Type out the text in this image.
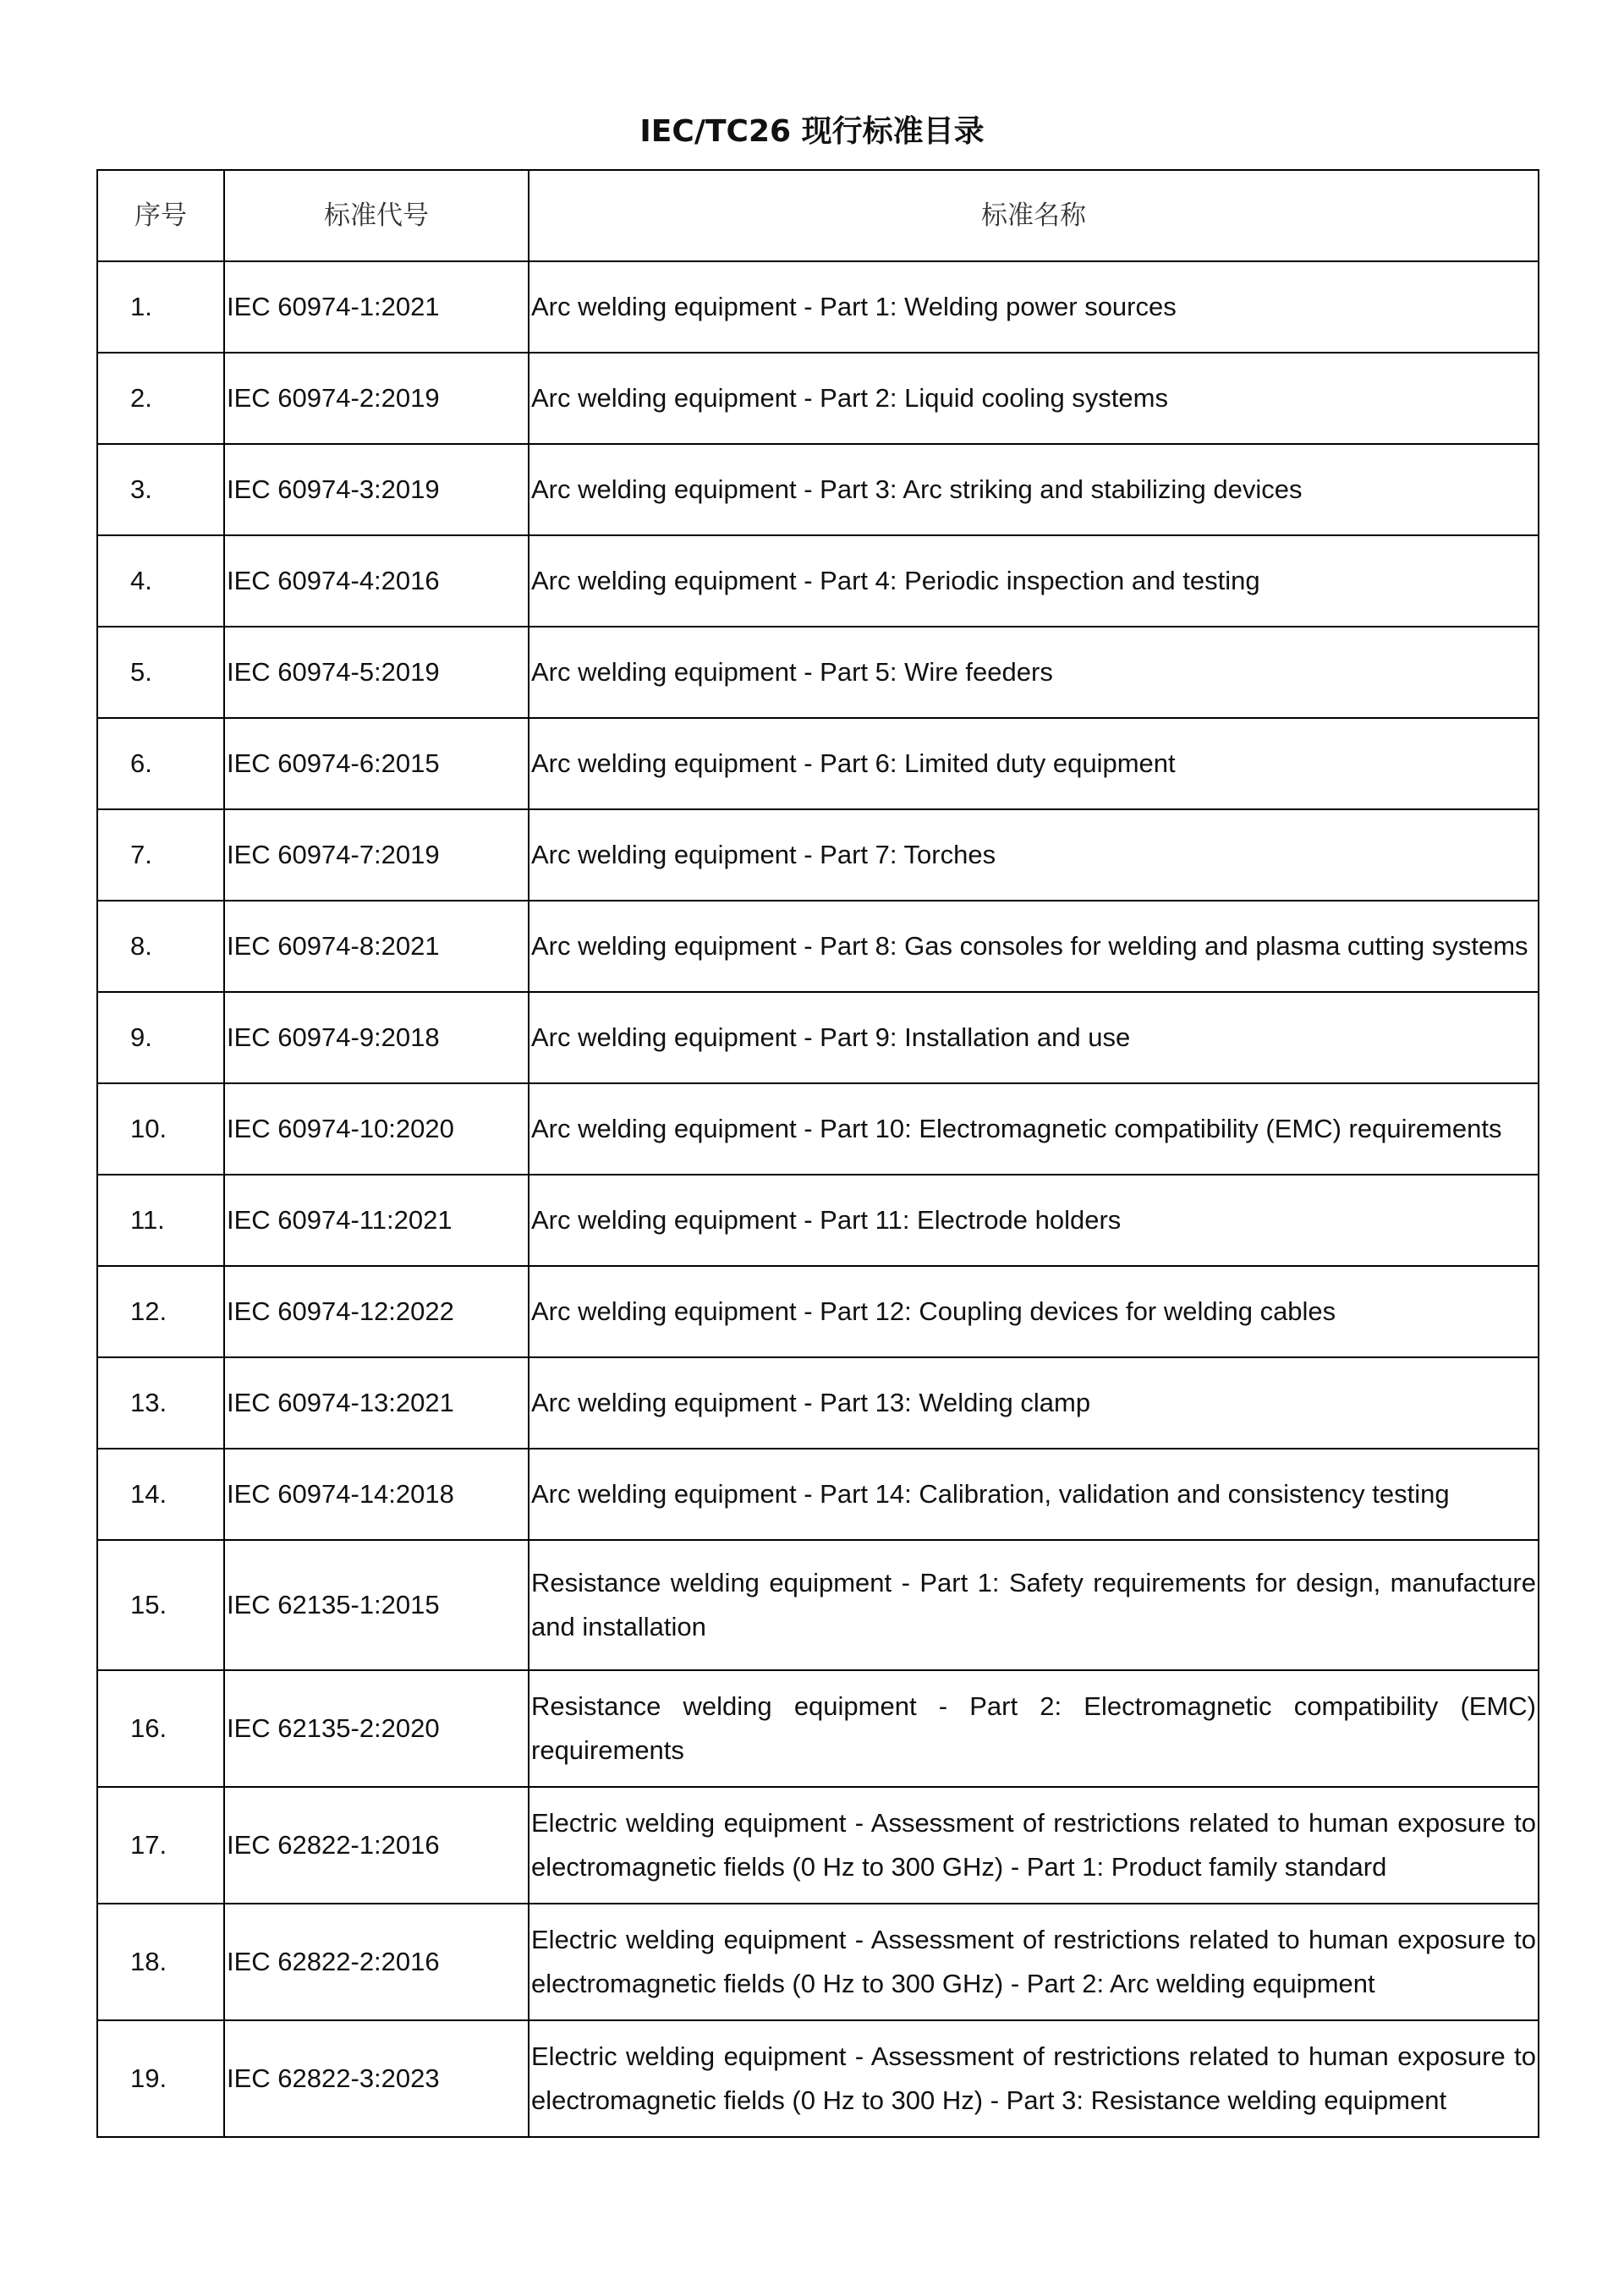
IEC/TC26 现行标准目录
序号	标准代号	标准名称
1.	IEC 60974-1:2021	Arc welding equipment - Part 1: Welding power sources
2.	IEC 60974-2:2019	Arc welding equipment - Part 2: Liquid cooling systems
3.	IEC 60974-3:2019	Arc welding equipment - Part 3: Arc striking and stabilizing devices
4.	IEC 60974-4:2016	Arc welding equipment - Part 4: Periodic inspection and testing
5.	IEC 60974-5:2019	Arc welding equipment - Part 5: Wire feeders
6.	IEC 60974-6:2015	Arc welding equipment - Part 6: Limited duty equipment
7.	IEC 60974-7:2019	Arc welding equipment - Part 7: Torches
8.	IEC 60974-8:2021	Arc welding equipment - Part 8: Gas consoles for welding and plasma cutting systems
9.	IEC 60974-9:2018	Arc welding equipment - Part 9: Installation and use
10.	IEC 60974-10:2020	Arc welding equipment - Part 10: Electromagnetic compatibility (EMC) requirements
11.	IEC 60974-11:2021	Arc welding equipment - Part 11: Electrode holders
12.	IEC 60974-12:2022	Arc welding equipment - Part 12: Coupling devices for welding cables
13.	IEC 60974-13:2021	Arc welding equipment - Part 13: Welding clamp
14.	IEC 60974-14:2018	Arc welding equipment - Part 14: Calibration, validation and consistency testing
15.	IEC 62135-1:2015	Resistance welding equipment - Part 1: Safety requirements for design, manufacture and installation
16.	IEC 62135-2:2020	Resistance welding equipment - Part 2: Electromagnetic compatibility (EMC) requirements
17.	IEC 62822-1:2016	Electric welding equipment - Assessment of restrictions related to human exposure to electromagnetic fields (0 Hz to 300 GHz) - Part 1: Product family standard
18.	IEC 62822-2:2016	Electric welding equipment - Assessment of restrictions related to human exposure to electromagnetic fields (0 Hz to 300 GHz) - Part 2: Arc welding equipment
19.	IEC 62822-3:2023	Electric welding equipment - Assessment of restrictions related to human exposure to electromagnetic fields (0 Hz to 300 Hz) - Part 3: Resistance welding equipment
